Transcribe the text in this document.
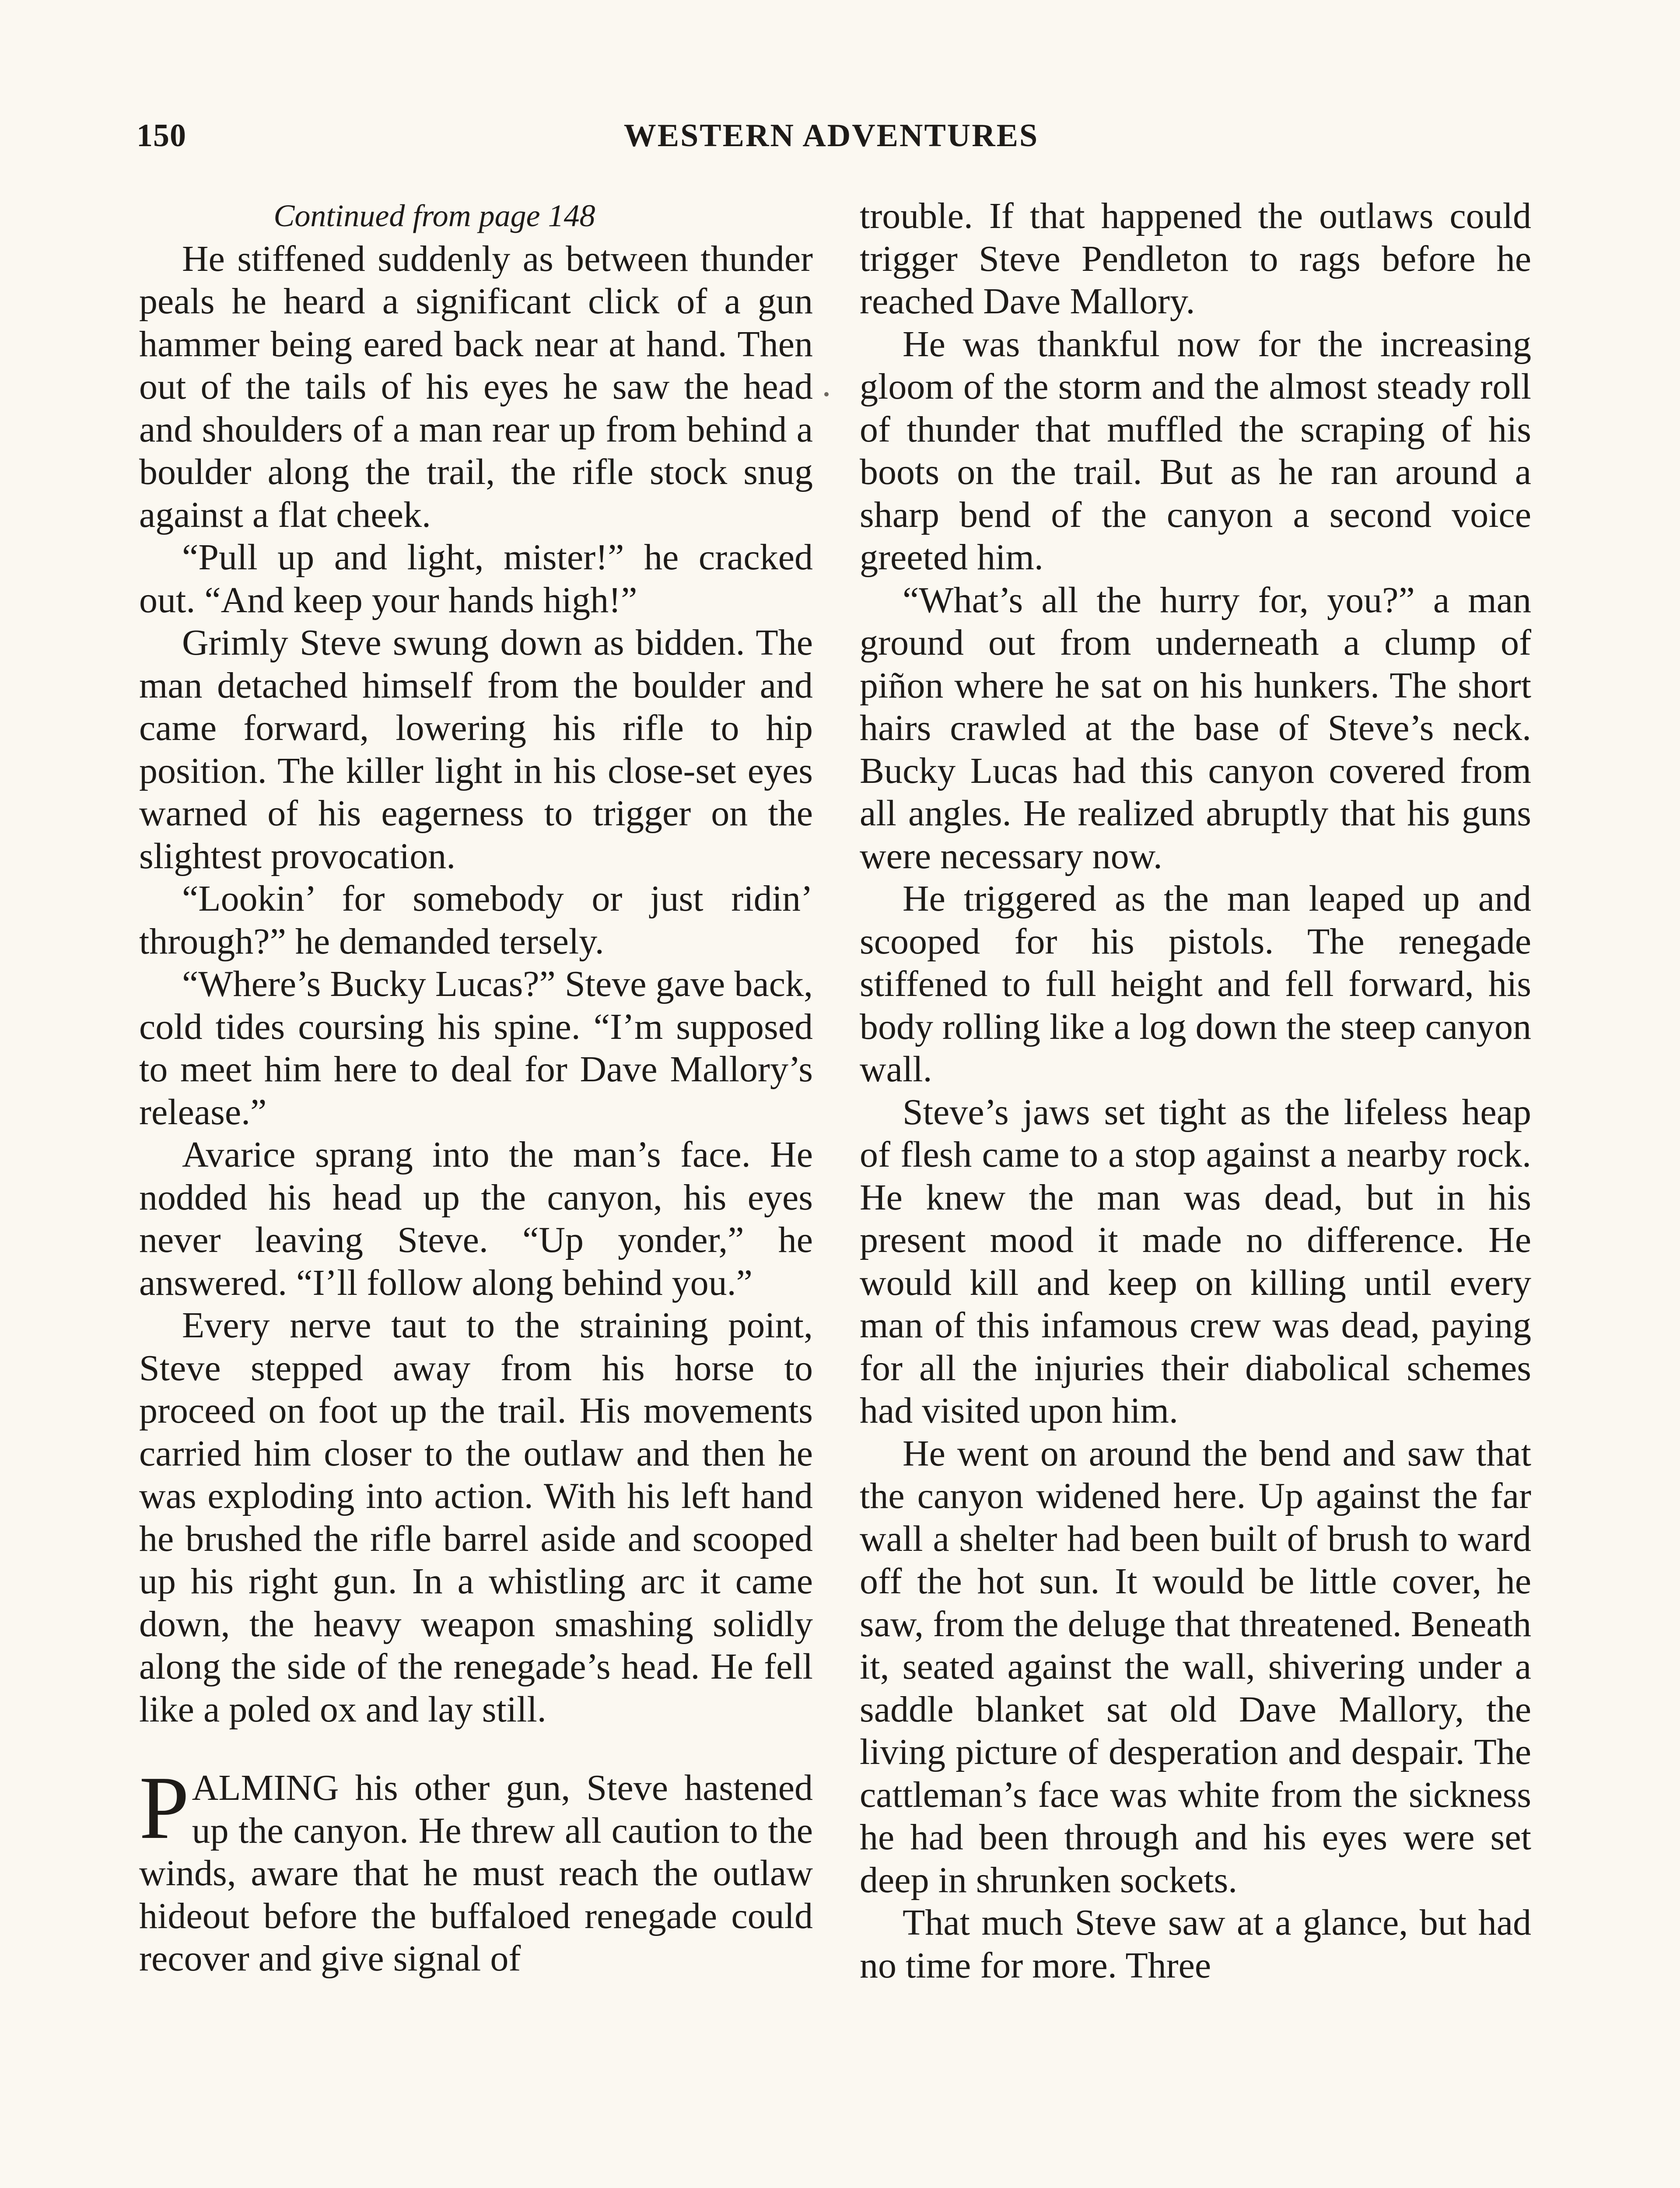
150	WESTERN ADVENTURES
Continued from page 148

He stiffened suddenly as between thunder peals he heard a significant click of a gun hammer being eared back near at hand. Then out of the tails of his eyes he saw the head and shoulders of a man rear up from behind a boulder along the trail, the rifle stock snug against a flat cheek.

“Pull up and light, mister!” he cracked out. “And keep your hands high!”

Grimly Steve swung down as bidden. The man detached himself from the boulder and came forward, lowering his rifle to hip position. The killer light in his close-set eyes warned of his eagerness to trigger on the slightest provocation.

“Lookin’ for somebody or just ridin’ through?” he demanded tersely.

“Where’s Bucky Lucas?” Steve gave back, cold tides coursing his spine. “I’m supposed to meet him here to deal for Dave Mallory’s release.”

Avarice sprang into the man’s face. He nodded his head up the canyon, his eyes never leaving Steve. “Up yonder,” he answered. “I’ll follow along behind you.”

Every nerve taut to the straining point, Steve stepped away from his horse to proceed on foot up the trail. His movements carried him closer to the outlaw and then he was exploding into action. With his left hand he brushed the rifle barrel aside and scooped up his right gun. In a whistling arc it came down, the heavy weapon smashing solidly along the side of the renegade’s head. He fell like a poled ox and lay still.

PALMING his other gun, Steve hastened up the canyon. He threw all caution to the winds, aware that he must reach the outlaw hideout before the buffaloed renegade could recover and give signal of

trouble. If that happened the outlaws could trigger Steve Pendleton to rags before he reached Dave Mallory.

He was thankful now for the increasing gloom of the storm and the almost steady roll of thunder that muffled the scraping of his boots on the trail. But as he ran around a sharp bend of the canyon a second voice greeted him.

“What’s all the hurry for, you?” a man ground out from underneath a clump of piñon where he sat on his hunkers. The short hairs crawled at the base of Steve’s neck. Bucky Lucas had this canyon covered from all angles. He realized abruptly that his guns were necessary now.

He triggered as the man leaped up and scooped for his pistols. The renegade stiffened to full height and fell forward, his body rolling like a log down the steep canyon wall.

Steve’s jaws set tight as the lifeless heap of flesh came to a stop against a nearby rock. He knew the man was dead, but in his present mood it made no difference. He would kill and keep on killing until every man of this infamous crew was dead, paying for all the injuries their diabolical schemes had visited upon him.

He went on around the bend and saw that the canyon widened here. Up against the far wall a shelter had been built of brush to ward off the hot sun. It would be little cover, he saw, from the deluge that threatened. Beneath it, seated against the wall, shivering under a saddle blanket sat old Dave Mallory, the living picture of desperation and despair. The cattleman’s face was white from the sickness he had been through and his eyes were set deep in shrunken sockets.

That much Steve saw at a glance, but had no time for more. Three
